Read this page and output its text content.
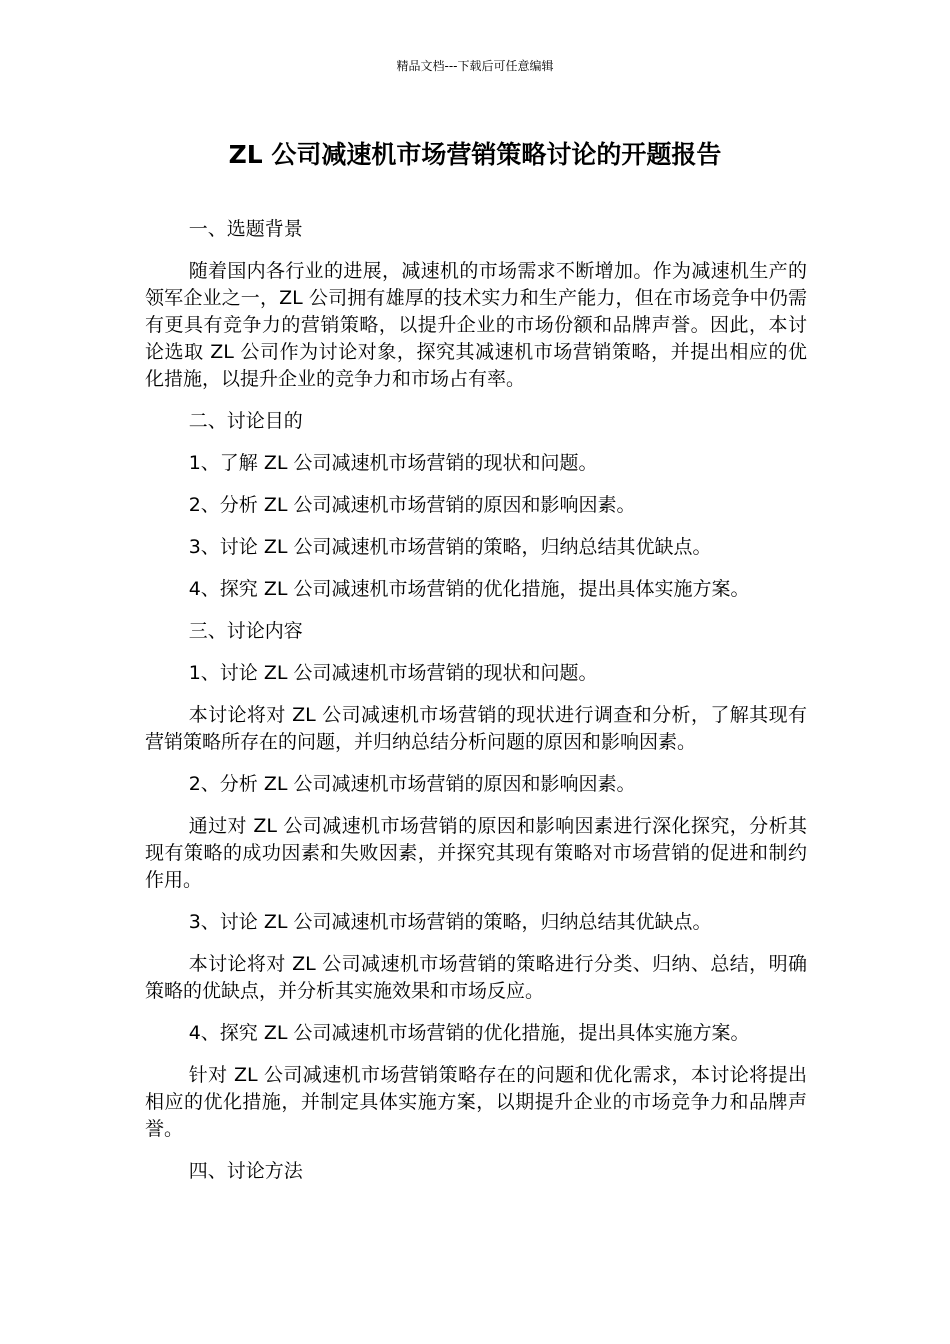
精品文档---下载后可任意编辑
ZL 公司减速机市场营销策略讨论的开题报告

一、选题背景

随着国内各行业的进展，减速机的市场需求不断增加。作为减速机生产的领军企业之一，ZL 公司拥有雄厚的技术实力和生产能力，但在市场竞争中仍需有更具有竞争力的营销策略，以提升企业的市场份额和品牌声誉。因此，本讨论选取 ZL 公司作为讨论对象，探究其减速机市场营销策略，并提出相应的优化措施，以提升企业的竞争力和市场占有率。

二、讨论目的

1、了解 ZL 公司减速机市场营销的现状和问题。

2、分析 ZL 公司减速机市场营销的原因和影响因素。

3、讨论 ZL 公司减速机市场营销的策略，归纳总结其优缺点。

4、探究 ZL 公司减速机市场营销的优化措施，提出具体实施方案。

三、讨论内容

1、讨论 ZL 公司减速机市场营销的现状和问题。

本讨论将对 ZL 公司减速机市场营销的现状进行调查和分析，了解其现有营销策略所存在的问题，并归纳总结分析问题的原因和影响因素。

2、分析 ZL 公司减速机市场营销的原因和影响因素。

通过对 ZL 公司减速机市场营销的原因和影响因素进行深化探究，分析其现有策略的成功因素和失败因素，并探究其现有策略对市场营销的促进和制约作用。

3、讨论 ZL 公司减速机市场营销的策略，归纳总结其优缺点。

本讨论将对 ZL 公司减速机市场营销的策略进行分类、归纳、总结，明确策略的优缺点，并分析其实施效果和市场反应。

4、探究 ZL 公司减速机市场营销的优化措施，提出具体实施方案。

针对 ZL 公司减速机市场营销策略存在的问题和优化需求，本讨论将提出相应的优化措施，并制定具体实施方案，以期提升企业的市场竞争力和品牌声誉。

四、讨论方法
